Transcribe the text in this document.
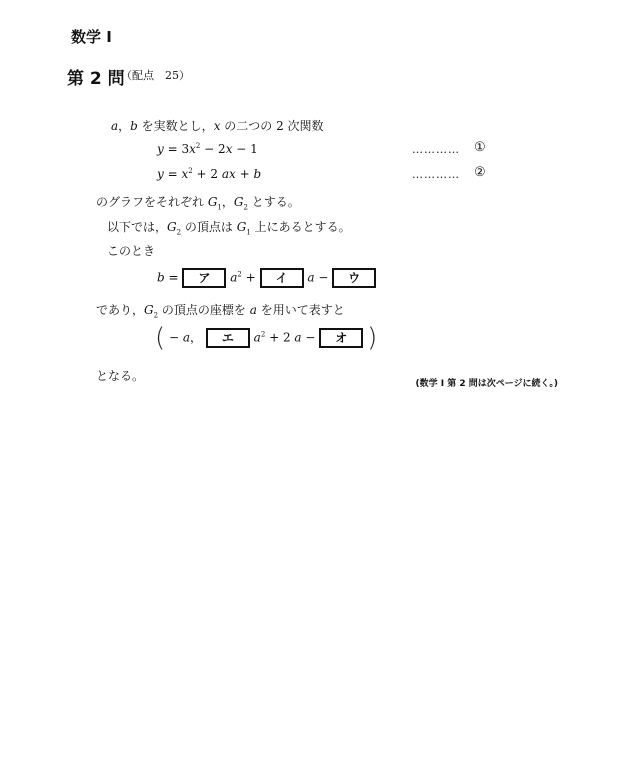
数学 I
第 2 問
（配点　25）
a，b を実数とし，x の二つの 2 次関数
$y = 3x^2 - 2x - 1$	………… ①
$y = x^2 + 2$ ax + b	………… ②
のグラフをそれぞれ $G_1$，$G_2$ とする。
以下では，$G_2$ の頂点は $G_1$ 上にあるとする。
このとき
b = ア $a^2$ + イ a − ウ
であり，$G_2$ の頂点の座標を a を用いて表すと
( − a， エ $a^2 + 2$ a − オ )
となる。
(数学 I 第 2 問は次ページに続く。)
